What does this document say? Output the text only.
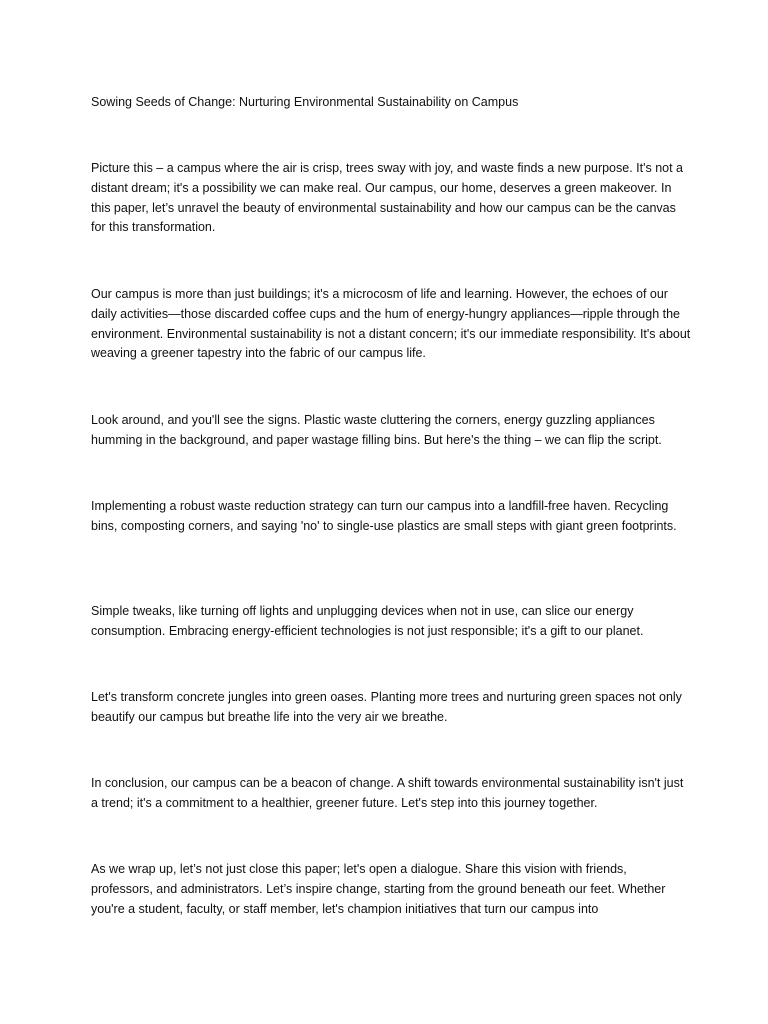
Sowing Seeds of Change: Nurturing Environmental Sustainability on Campus

Picture this – a campus where the air is crisp, trees sway with joy, and waste finds a new purpose. It's not a distant dream; it's a possibility we can make real. Our campus, our home, deserves a green makeover. In this paper, let’s unravel the beauty of environmental sustainability and how our campus can be the canvas for this transformation.

Our campus is more than just buildings; it's a microcosm of life and learning. However, the echoes of our daily activities—those discarded coffee cups and the hum of energy-hungry appliances—ripple through the environment. Environmental sustainability is not a distant concern; it's our immediate responsibility. It's about weaving a greener tapestry into the fabric of our campus life.

Look around, and you'll see the signs. Plastic waste cluttering the corners, energy guzzling appliances humming in the background, and paper wastage filling bins. But here's the thing – we can flip the script.

Implementing a robust waste reduction strategy can turn our campus into a landfill-free haven. Recycling bins, composting corners, and saying 'no' to single-use plastics are small steps with giant green footprints.

Simple tweaks, like turning off lights and unplugging devices when not in use, can slice our energy consumption. Embracing energy-efficient technologies is not just responsible; it's a gift to our planet.

Let's transform concrete jungles into green oases. Planting more trees and nurturing green spaces not only beautify our campus but breathe life into the very air we breathe.

In conclusion, our campus can be a beacon of change. A shift towards environmental sustainability isn't just a trend; it's a commitment to a healthier, greener future. Let's step into this journey together.

As we wrap up, let’s not just close this paper; let's open a dialogue. Share this vision with friends, professors, and administrators. Let’s inspire change, starting from the ground beneath our feet. Whether you're a student, faculty, or staff member, let's champion initiatives that turn our campus into
